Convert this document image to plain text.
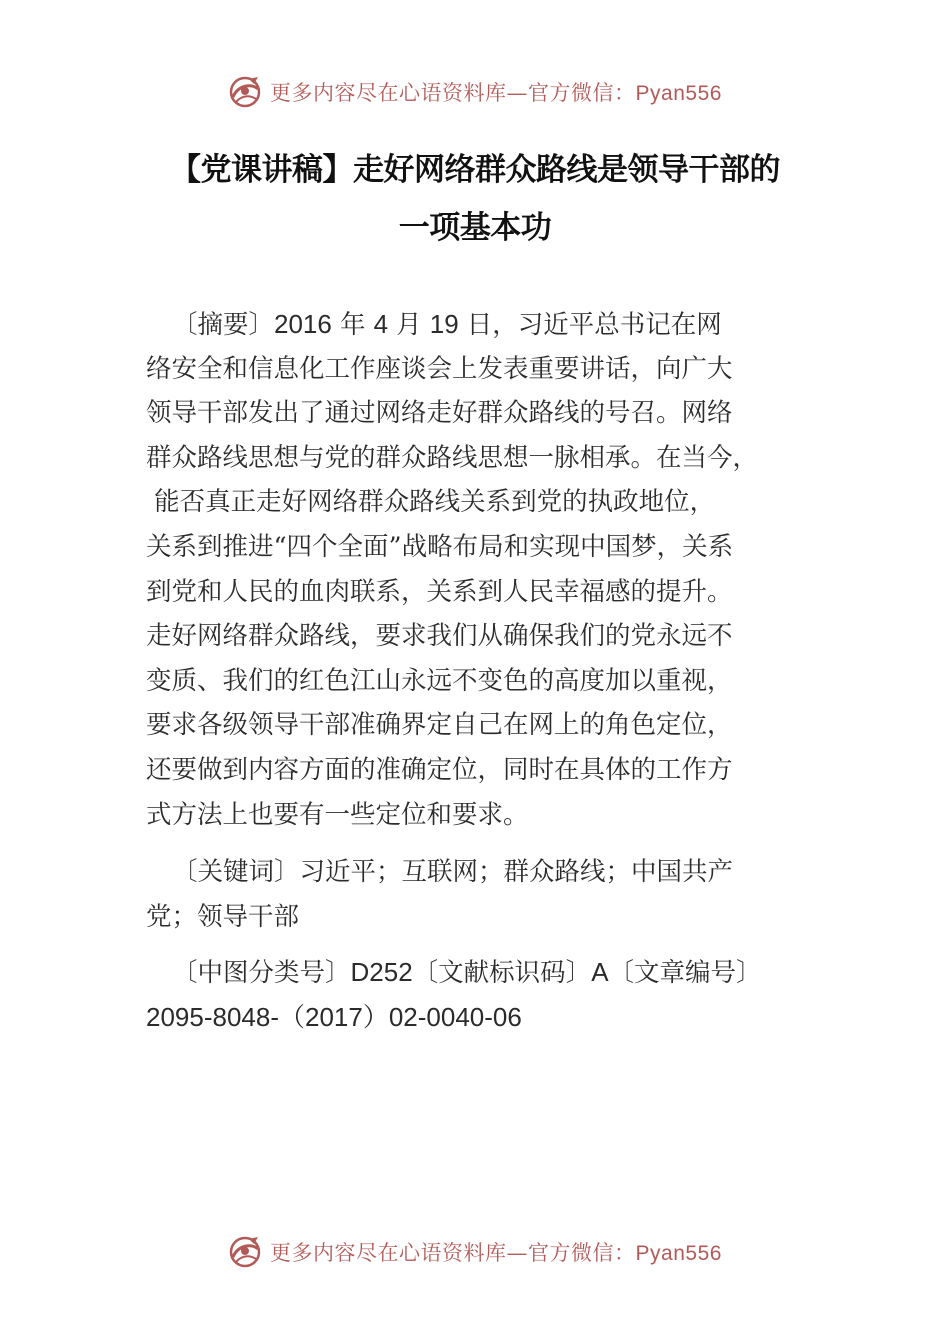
更多内容尽在心语资料库—官方微信：Pyan556
【党课讲稿】走好网络群众路线是领导干部的
一项基本功
〔摘要〕2016 年 4 月 19 日，习近平总书记在网
络安全和信息化工作座谈会上发表重要讲话，向广大
领导干部发出了通过网络走好群众路线的号召。网络
群众路线思想与党的群众路线思想一脉相承。在当今，
能否真正走好网络群众路线关系到党的执政地位，
关系到推进“四个全面”战略布局和实现中国梦，关系
到党和人民的血肉联系，关系到人民幸福感的提升。
走好网络群众路线，要求我们从确保我们的党永远不
变质、我们的红色江山永远不变色的高度加以重视，
要求各级领导干部准确界定自己在网上的角色定位，
还要做到内容方面的准确定位，同时在具体的工作方
式方法上也要有一些定位和要求。
〔关键词〕习近平；互联网；群众路线；中国共产
党；领导干部
〔中图分类号〕D252〔文献标识码〕A〔文章编号〕
2095-8048-（2017）02-0040-06
更多内容尽在心语资料库—官方微信：Pyan556
